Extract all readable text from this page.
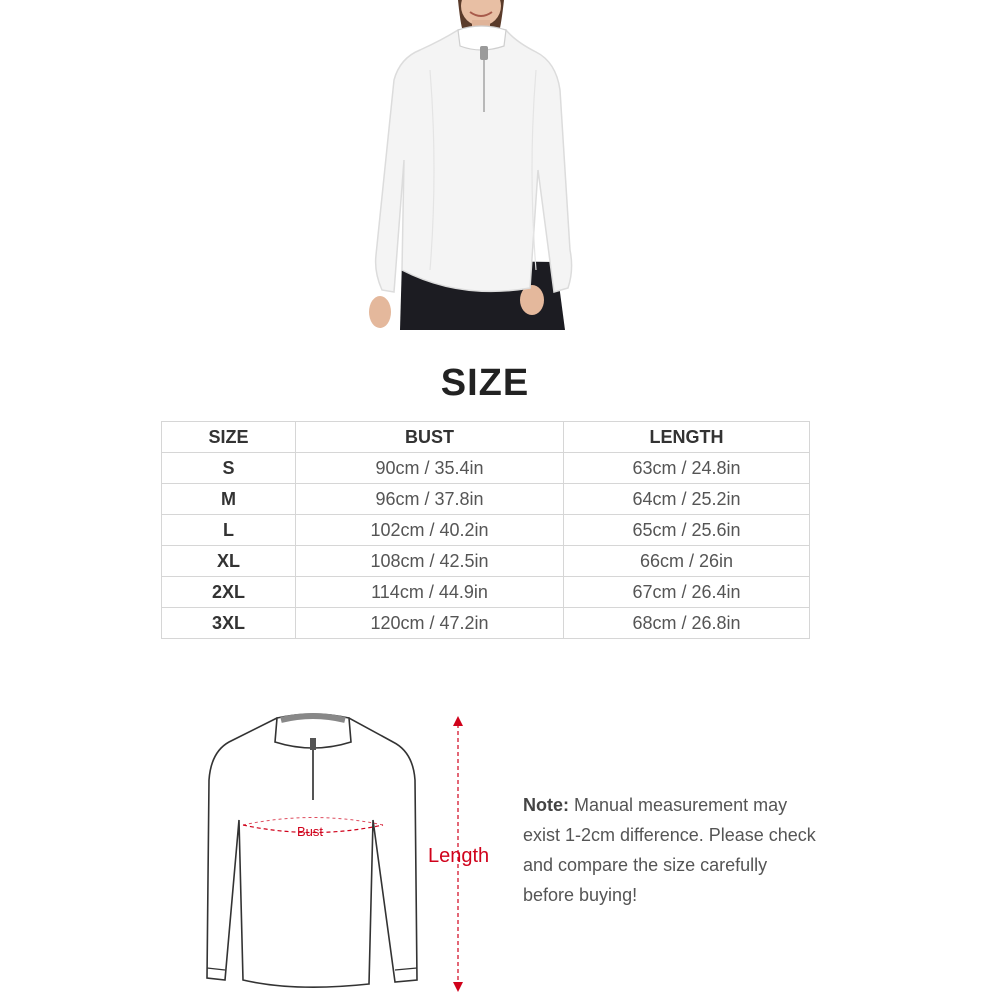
SIZE
SIZE	BUST	LENGTH
S	90cm / 35.4in	63cm / 24.8in
M	96cm / 37.8in	64cm / 25.2in
L	102cm / 40.2in	65cm / 25.6in
XL	108cm / 42.5in	66cm / 26in
2XL	114cm / 44.9in	67cm / 26.4in
3XL	120cm / 47.2in	68cm / 26.8in
Bust
Length
Note: Manual measurement may exist 1-2cm difference. Please check and compare the size carefully before buying!
